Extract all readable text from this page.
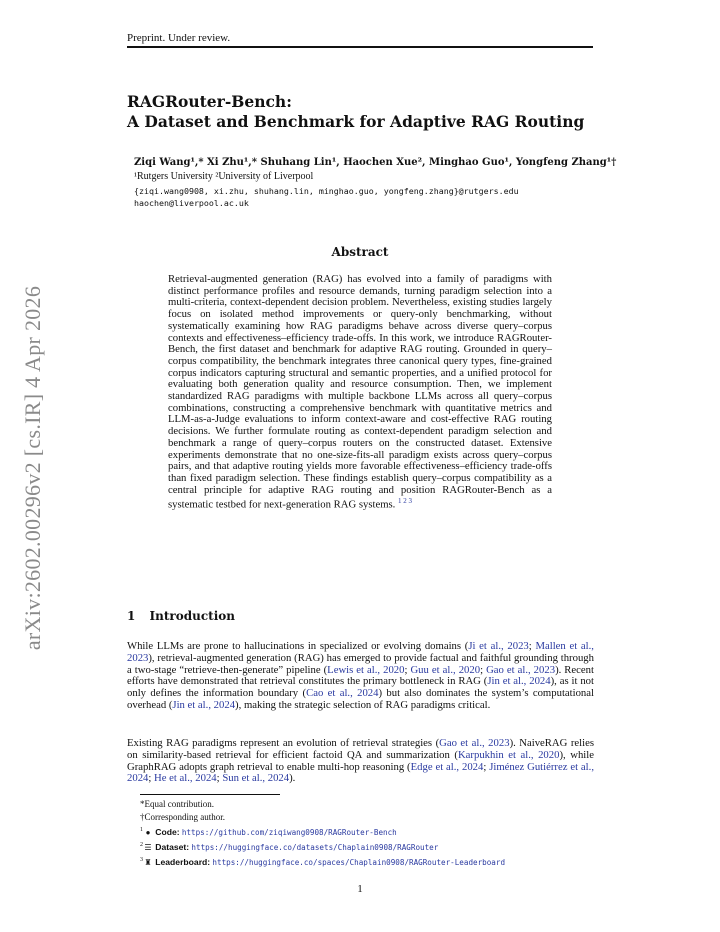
arXiv:2602.00296v2 [cs.IR] 4 Apr 2026
Preprint. Under review.
RAGRouter-Bench:
A Dataset and Benchmark for Adaptive RAG Routing
Ziqi Wang¹,* Xi Zhu¹,* Shuhang Lin¹, Haochen Xue², Minghao Guo¹, Yongfeng Zhang¹†
¹Rutgers University ²University of Liverpool
{ziqi.wang0908, xi.zhu, shuhang.lin, minghao.guo, yongfeng.zhang}@rutgers.edu
haochen@liverpool.ac.uk
Abstract
Retrieval-augmented generation (RAG) has evolved into a family of paradigms with distinct performance profiles and resource demands, turning paradigm selection into a multi-criteria, context-dependent decision problem. Nevertheless, existing studies largely focus on isolated method improvements or query-only benchmarking, without systematically examining how RAG paradigms behave across diverse query–corpus contexts and effectiveness–efficiency trade-offs. In this work, we introduce RAGRouter-Bench, the first dataset and benchmark for adaptive RAG routing. Grounded in query–corpus compatibility, the benchmark integrates three canonical query types, fine-grained corpus indicators capturing structural and semantic properties, and a unified protocol for evaluating both generation quality and resource consumption. Then, we implement standardized RAG paradigms with multiple backbone LLMs across all query–corpus combinations, constructing a comprehensive benchmark with quantitative metrics and LLM-as-a-Judge evaluations to inform context-aware and cost-effective RAG routing decisions. We further formulate routing as context-dependent paradigm selection and benchmark a range of query–corpus routers on the constructed dataset. Extensive experiments demonstrate that no one-size-fits-all paradigm exists across query–corpus pairs, and that adaptive routing yields more favorable effectiveness–efficiency trade-offs than fixed paradigm selection. These findings establish query–corpus compatibility as a central principle for adaptive RAG routing and position RAGRouter-Bench as a systematic testbed for next-generation RAG systems. $^{1 2 3}$
1 Introduction
While LLMs are prone to hallucinations in specialized or evolving domains (Ji et al., 2023; Mallen et al., 2023), retrieval-augmented generation (RAG) has emerged to provide factual and faithful grounding through a two-stage “retrieve-then-generate” pipeline (Lewis et al., 2020; Guu et al., 2020; Gao et al., 2023). Recent efforts have demonstrated that retrieval constitutes the primary bottleneck in RAG (Jin et al., 2024), as it not only defines the information boundary (Cao et al., 2024) but also dominates the system’s computational overhead (Jin et al., 2024), making the strategic selection of RAG paradigms critical.
Existing RAG paradigms represent an evolution of retrieval strategies (Gao et al., 2023). NaiveRAG relies on similarity-based retrieval for efficient factoid QA and summarization (Karpukhin et al., 2020), while GraphRAG adopts graph retrieval to enable multi-hop reasoning (Edge et al., 2024; Jiménez Gutiérrez et al., 2024; He et al., 2024; Sun et al., 2024).
*Equal contribution.
†Corresponding author.
$^1$ ● Code: https://github.com/ziqiwang0908/RAGRouter-Bench
$^2$☰ Dataset: https://huggingface.co/datasets/Chaplain0908/RAGRouter
$^3$♜ Leaderboard: https://huggingface.co/spaces/Chaplain0908/RAGRouter-Leaderboard
1
